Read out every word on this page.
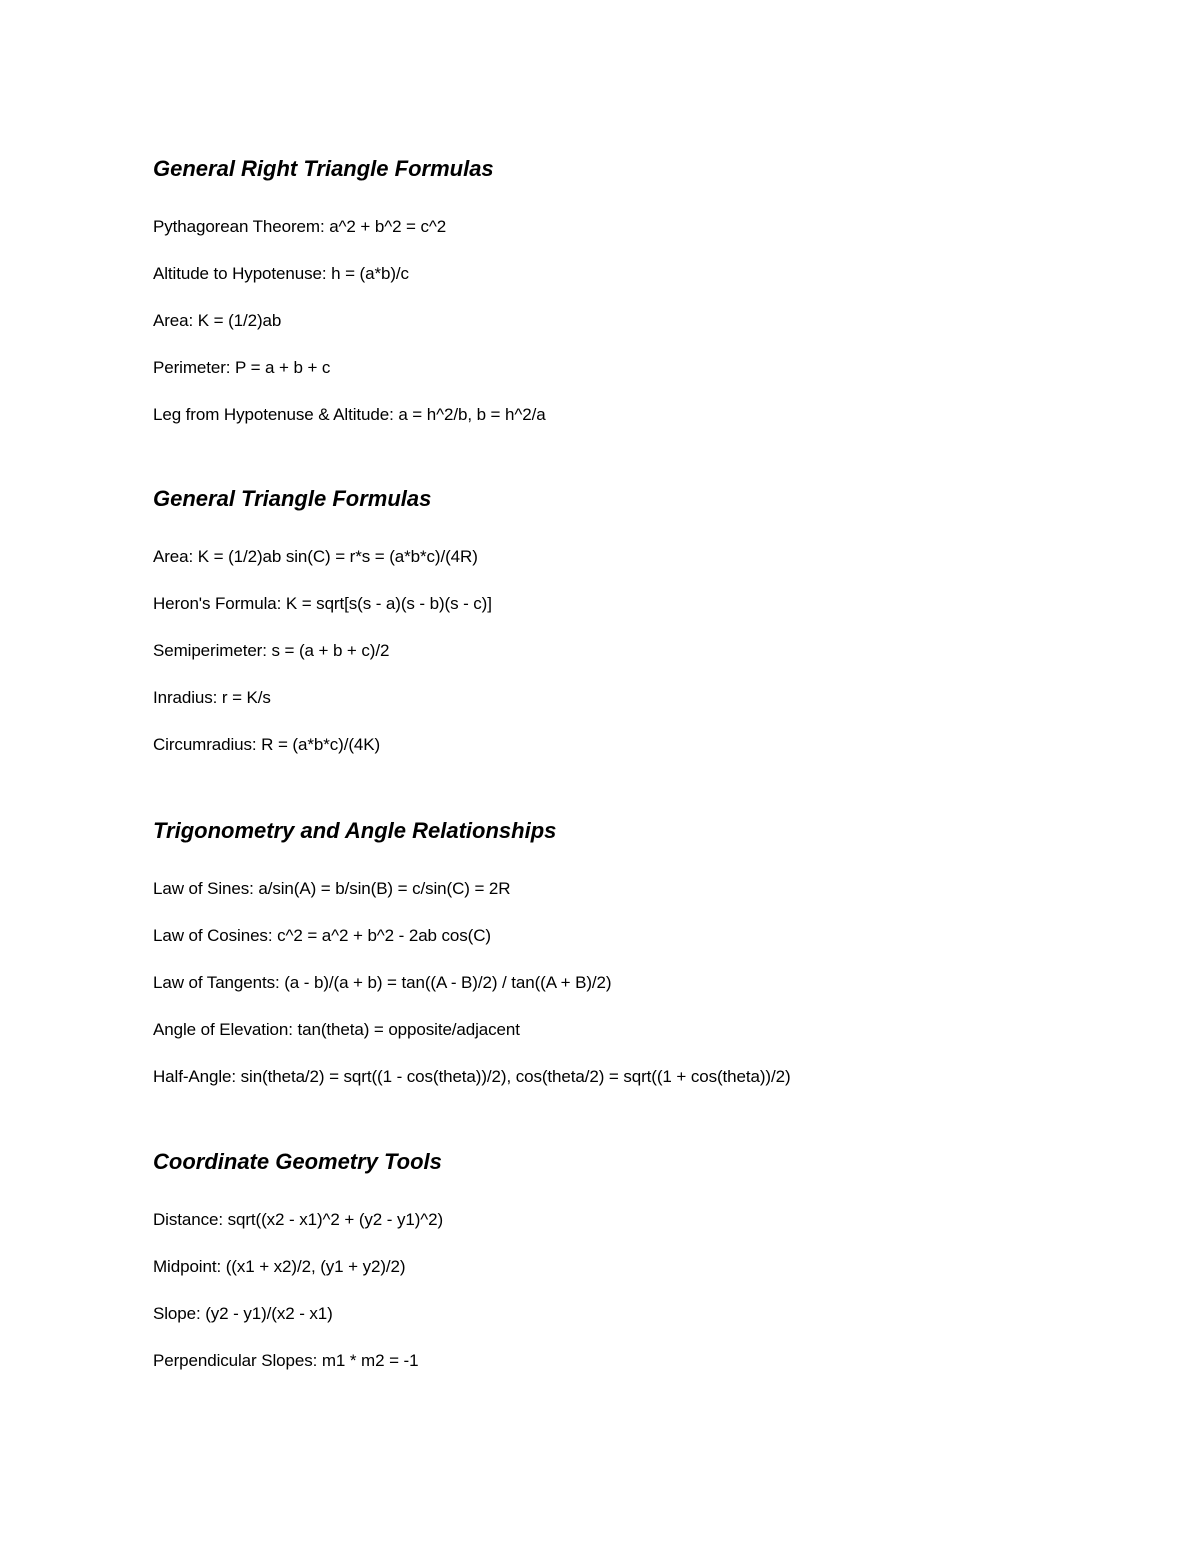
General Right Triangle Formulas
Pythagorean Theorem: a^2 + b^2 = c^2
Altitude to Hypotenuse: h = (a*b)/c
Area: K = (1/2)ab
Perimeter: P = a + b + c
Leg from Hypotenuse & Altitude: a = h^2/b, b = h^2/a
General Triangle Formulas
Area: K = (1/2)ab sin(C) = r*s = (a*b*c)/(4R)
Heron's Formula: K = sqrt[s(s - a)(s - b)(s - c)]
Semiperimeter: s = (a + b + c)/2
Inradius: r = K/s
Circumradius: R = (a*b*c)/(4K)
Trigonometry and Angle Relationships
Law of Sines: a/sin(A) = b/sin(B) = c/sin(C) = 2R
Law of Cosines: c^2 = a^2 + b^2 - 2ab cos(C)
Law of Tangents: (a - b)/(a + b) = tan((A - B)/2) / tan((A + B)/2)
Angle of Elevation: tan(theta) = opposite/adjacent
Half-Angle: sin(theta/2) = sqrt((1 - cos(theta))/2), cos(theta/2) = sqrt((1 + cos(theta))/2)
Coordinate Geometry Tools
Distance: sqrt((x2 - x1)^2 + (y2 - y1)^2)
Midpoint: ((x1 + x2)/2, (y1 + y2)/2)
Slope: (y2 - y1)/(x2 - x1)
Perpendicular Slopes: m1 * m2 = -1
